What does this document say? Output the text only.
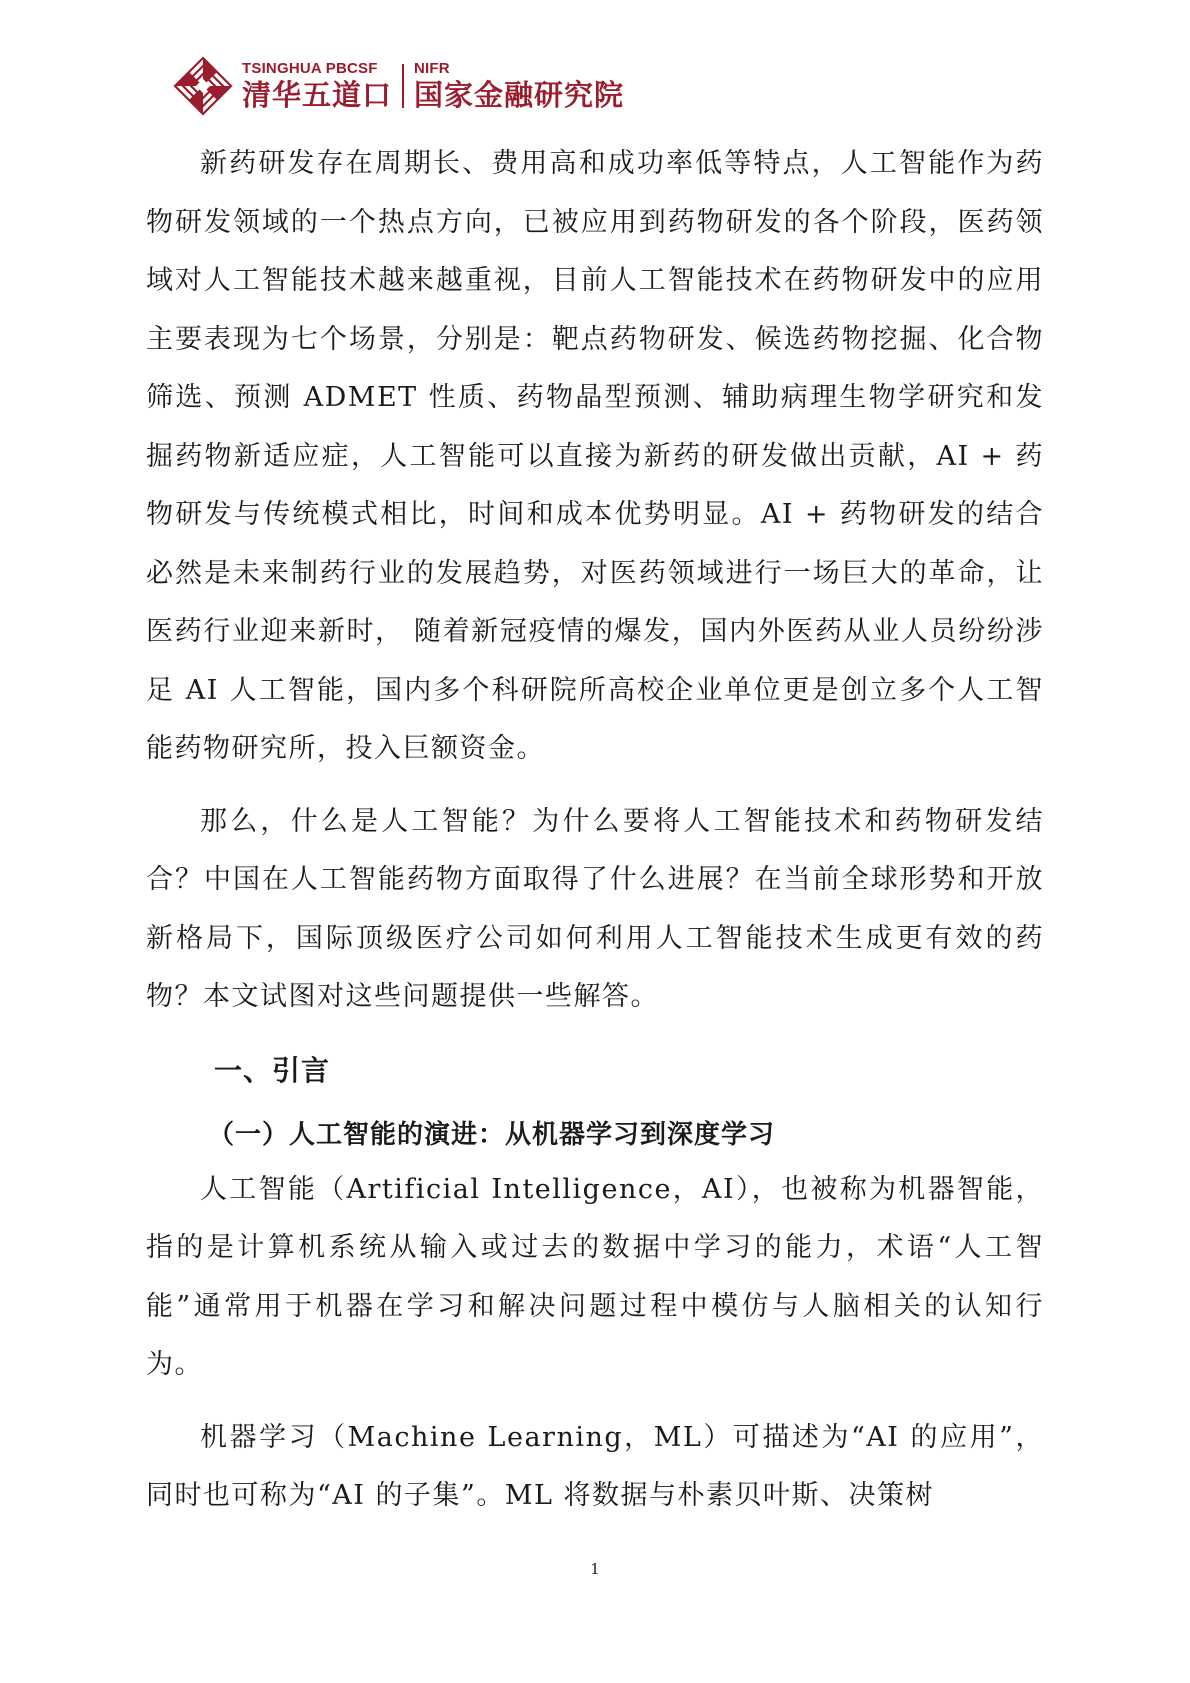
TSINGHUA PBCSF
清华五道口
NIFR
国家金融研究院

新药研发存在周期长、费用高和成功率低等特点，人工智能作为药物研发领域的一个热点方向，已被应用到药物研发的各个阶段，医药领域对人工智能技术越来越重视，目前人工智能技术在药物研发中的应用主要表现为七个场景，分别是：靶点药物研发、候选药物挖掘、化合物筛选、预测 ADMET 性质、药物晶型预测、辅助病理生物学研究和发掘药物新适应症，人工智能可以直接为新药的研发做出贡献，AI + 药物研发与传统模式相比，时间和成本优势明显。AI + 药物研发的结合必然是未来制药行业的发展趋势，对医药领域进行一场巨大的革命，让医药行业迎来新时， 随着新冠疫情的爆发，国内外医药从业人员纷纷涉足 AI 人工智能，国内多个科研院所高校企业单位更是创立多个人工智能药物研究所，投入巨额资金。

那么，什么是人工智能？为什么要将人工智能技术和药物研发结合？中国在人工智能药物方面取得了什么进展？在当前全球形势和开放新格局下，国际顶级医疗公司如何利用人工智能技术生成更有效的药物？本文试图对这些问题提供一些解答。

一、引言
（一）人工智能的演进：从机器学习到深度学习

人工智能（Artificial Intelligence，AI），也被称为机器智能，指的是计算机系统从输入或过去的数据中学习的能力，术语“人工智能”通常用于机器在学习和解决问题过程中模仿与人脑相关的认知行为。

机器学习（Machine Learning，ML）可描述为“AI 的应用”，同时也可称为“AI 的子集”。ML 将数据与朴素贝叶斯、决策树

1
